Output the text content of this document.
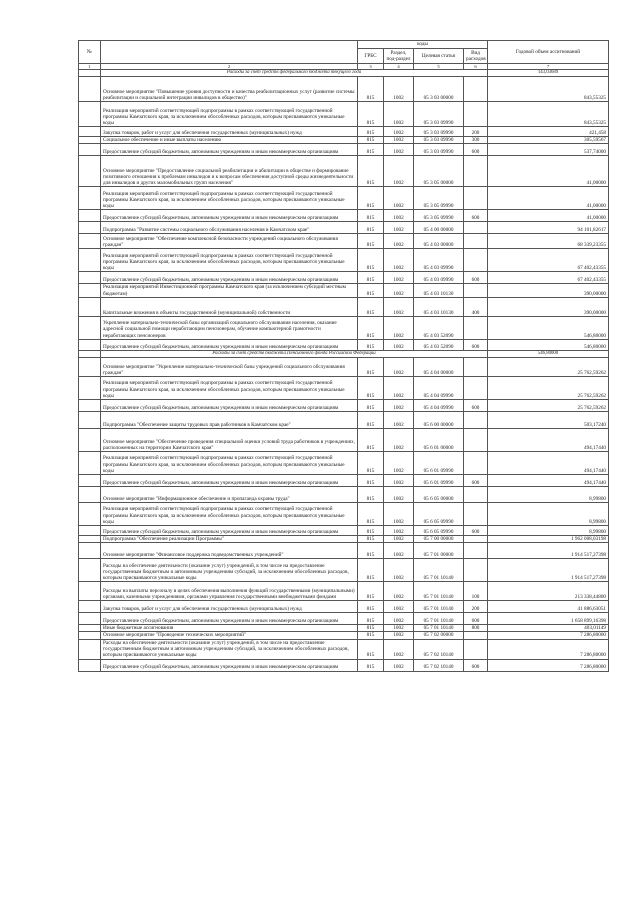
№		коды				Годовой объем ассигнований
		ГРБС	Раздел, под-раздел	Целевая статья	Вид расходов	
1	2	3	4	5	6	7
	Расходы за счет средств федерального бюджета текущего года					143,03689
	Основное мероприятие "Повышение уровня доступности и качества реабилитационных услуг (развитие системы реабилитации и социальной интеграции инвалидов в общество)"	815	1002	05 3 03 00000		843,55325
	Реализация мероприятий соответствующей подпрограммы в рамках соответствующей государственной программы Камчатского края, за исключением обособленных расходов, которым присваиваются уникальные коды	815	1002	05 3 03 09990		843,55325
	Закупка товаров, работ и услуг для обеспечения государственных (муниципальных) нужд	815	1002	05 3 03 09990	200	421,458
	Социальное обеспечение и иные выплаты населению	815	1002	05 3 03 09990	300	305,59567
	Предоставление субсидий бюджетным, автономным учреждениям и иным некоммерческим организациям	815	1002	05 3 03 09990	600	537,74000
	Основное мероприятие "Предоставление социальной реабилитации и абилитации в обществе и формирование позитивного отношения к проблемам инвалидов и к вопросам обеспечения доступной среды жизнедеятельности для инвалидов и других маломобильных групп населения"	815	1002	05 3 05 00000		41,00000
	Реализация мероприятий соответствующей подпрограммы в рамках соответствующей государственной программы Камчатского края, за исключением обособленных расходов, которым присваиваются уникальные коды	815	1002	05 3 05 09990		41,00000
	Предоставление субсидий бюджетным, автономным учреждениям и иным некоммерческим организациям	815	1002	05 3 05 09990	600	41,00000
	Подпрограмма "Развитие системы социального обслуживания населения в Камчатском крае"	815	1002	05 4 00 00000		94 101,82617
	Основное мероприятие "Обеспечение комплексной безопасности учреждений социального обслуживания граждан"	815	1002	05 4 03 00000		68 339,23355
	Реализация мероприятий соответствующей подпрограммы в рамках соответствующей государственной программы Камчатского края, за исключением обособленных расходов, которым присваиваются уникальные коды	815	1002	05 4 03 09990		67 402,43355
	Предоставление субсидий бюджетным, автономным учреждениям и иным некоммерческим организациям	815	1002	05 4 03 09990	600	67 402,43355
	Реализация мероприятий Инвестиционной программы Камчатского края (за исключением субсидий местным бюджетам)	815	1002	05 4 03 10130		390,00000
	Капитальные вложения в объекты государственной (муниципальной) собственности	815	1002	05 4 03 10130	400	390,00000
	Укрепление материально-технической базы организаций социального обслуживания населения, оказание адресной социальной помощи неработающим пенсионерам, обучение компьютерной грамотности неработающих пенсионеров	815	1002	05 4 03 52090		546,80000
	Предоставление субсидий бюджетным, автономным учреждениям и иным некоммерческим организациям	815	1002	05 4 03 52090	600	546,80000
	Расходы за счет средств бюджета Пенсионного фонда Российской Федерации					546,80000
	Основное мероприятие "Укрепление материально-технической базы учреждений социального обслуживания граждан"	815	1002	05 4 04 00000		25 762,59262
	Реализация мероприятий соответствующей подпрограммы в рамках соответствующей государственной программы Камчатского края, за исключением обособленных расходов, которым присваиваются уникальные коды	815	1002	05 4 04 09990		25 762,59262
	Предоставление субсидий бюджетным, автономным учреждениям и иным некоммерческим организациям	815	1002	05 4 04 09990	600	25 762,59262
	Подпрограмма "Обеспечение защиты трудовых прав работников в Камчатском крае"	815	1002	05 6 00 00000		503,17240
	Основное мероприятие "Обеспечение проведения специальной оценки условий труда работников в учреждениях, расположенных на территории Камчатского края"	815	1002	05 6 01 00000		494,17440
	Реализация мероприятий соответствующей подпрограммы в рамках соответствующей государственной программы Камчатского края, за исключением обособленных расходов, которым присваиваются уникальные коды	815	1002	05 6 01 09990		494,17440
	Предоставление субсидий бюджетным, автономным учреждениям и иным некоммерческим организациям	815	1002	05 6 01 09990	600	494,17440
	Основное мероприятие "Информационное обеспечение и пропаганда охраны труда"	815	1002	05 6 05 00000		8,99800
	Реализация мероприятий соответствующей подпрограммы в рамках соответствующей государственной программы Камчатского края, за исключением обособленных расходов, которым присваиваются уникальные коды	815	1002	05 6 05 09990		8,99800
	Предоставление субсидий бюджетным, автономным учреждениям и иным некоммерческим организациям	815	1002	05 6 05 09990	600	8,99800
	Подпрограмма "Обеспечение реализации Программы"	815	1002	05 7 00 00000		1 962 008,03198
	Основное мероприятие "Финансовое поддержка подведомственных учреждений"	815	1002	05 7 01 00000		1 914 517,27398
	Расходы на обеспечение деятельности (оказание услуг) учреждений, в том числе на предоставление государственным бюджетным и автономным учреждениям субсидий, за исключением обособленных расходов, которым присваиваются уникальные коды	815	1002	05 7 01 10140		1 914 517,27398
	Расходы на выплаты персоналу в целях обеспечения выполнения функций государственными (муниципальными) органами, казенными учреждениями, органами управления государственными внебюджетными фондами	815	1002	05 7 01 10140	100	213 338,44800
	Закупка товаров, работ и услуг для обеспечения государственных (муниципальных) нужд	815	1002	05 7 01 10140	200	41 886,63051
	Предоставление субсидий бюджетным, автономным учреждениям и иным некоммерческим организациям	815	1002	05 7 01 10140	600	1 658 899,16398
	Иные бюджетные ассигнования	815	1002	05 7 01 10140	800	403,01149
	Основное мероприятие "Проведение технических мероприятий"	815	1002	05 7 02 00000		7 286,80000
	Расходы на обеспечение деятельности (оказание услуг) учреждений, в том числе на предоставление государственным бюджетным и автономным учреждениям субсидий, за исключением обособленных расходов, которым присваиваются уникальные коды	815	1002	05 7 02 10140		7 286,80000
	Предоставление субсидий бюджетным, автономным учреждениям и иным некоммерческим организациям	815	1002	05 7 02 10140	600	7 286,80000
